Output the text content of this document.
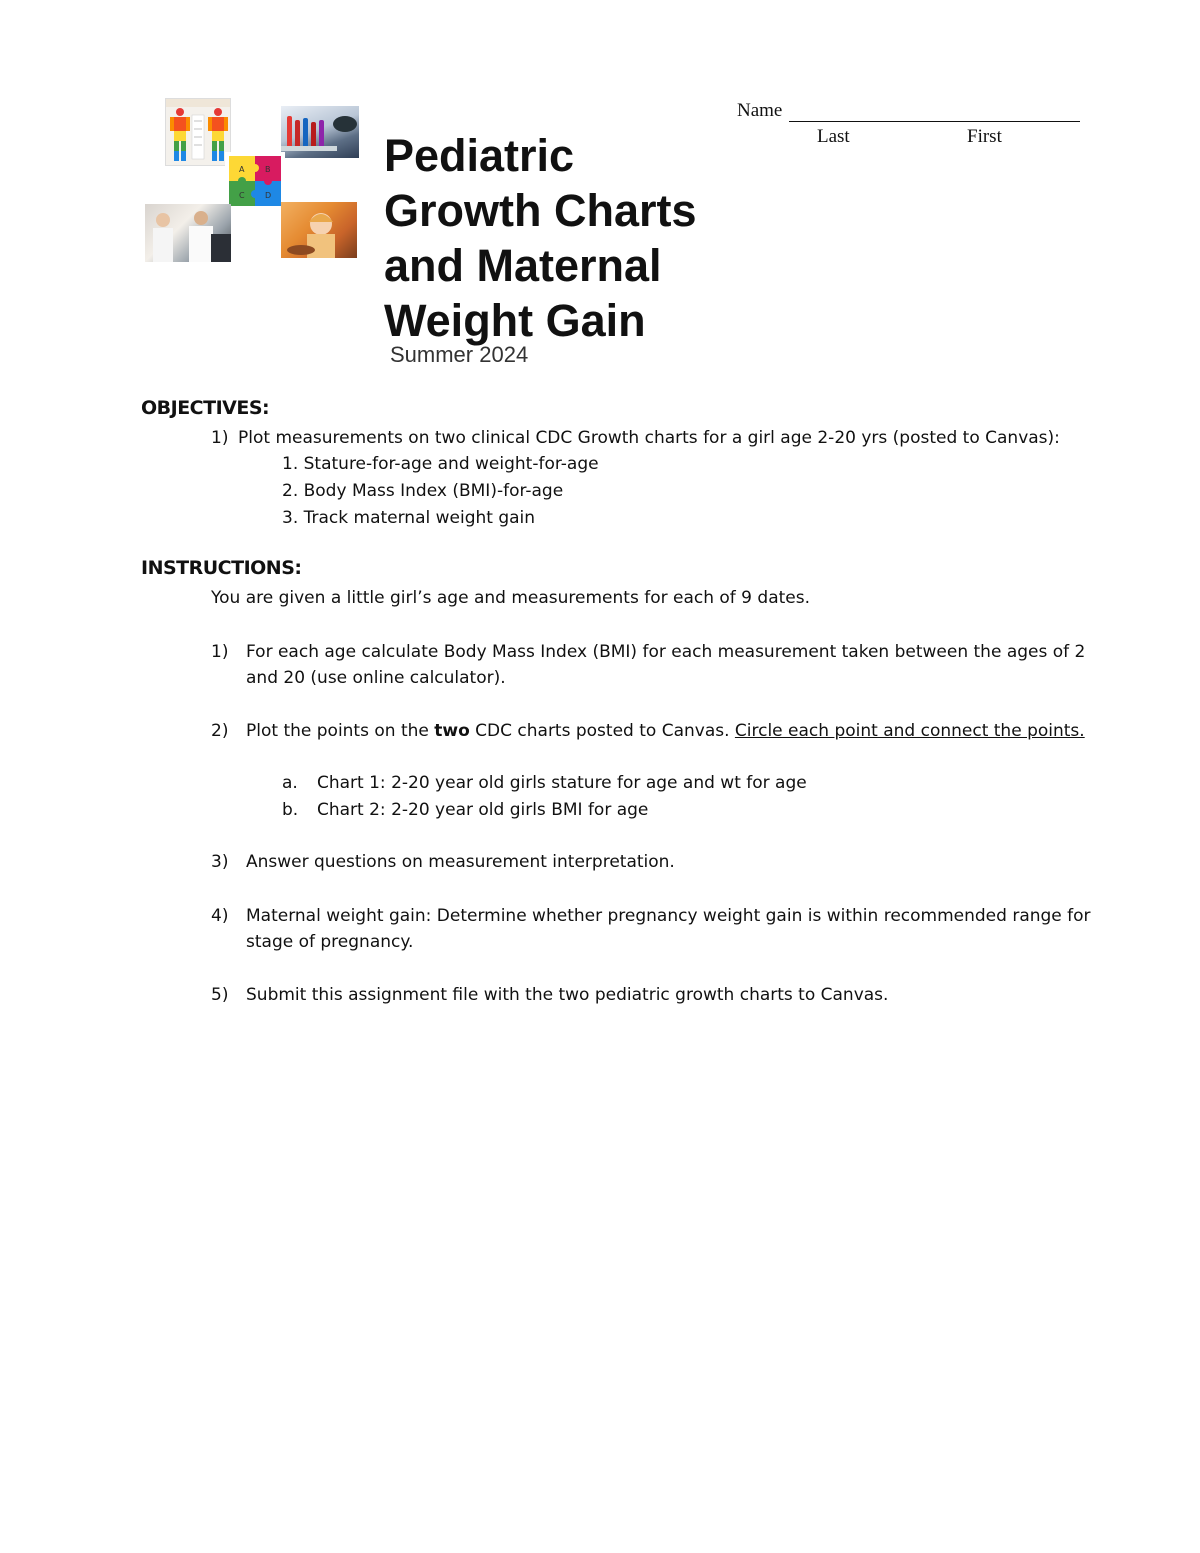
A	B
C	D

Pediatric

Growth Charts

and Maternal

Weight Gain

Summer 2024
Name
Last	First
OBJECTIVES:
1) Plot measurements on two clinical CDC Growth charts for a girl age 2-20 yrs (posted to Canvas):
1. Stature-for-age and weight-for-age
2. Body Mass Index (BMI)-for-age
3. Track maternal weight gain
INSTRUCTIONS:
You are given a little girl’s age and measurements for each of 9 dates.
1) For each age calculate Body Mass Index (BMI) for each measurement taken between the ages of 2
and 20 (use online calculator).
2) Plot the points on the two CDC charts posted to Canvas. Circle each point and connect the points.
a. Chart 1: 2-20 year old girls stature for age and wt for age
b. Chart 2: 2-20 year old girls BMI for age
3) Answer questions on measurement interpretation.
4) Maternal weight gain: Determine whether pregnancy weight gain is within recommended range for
stage of pregnancy.
5) Submit this assignment file with the two pediatric growth charts to Canvas.
